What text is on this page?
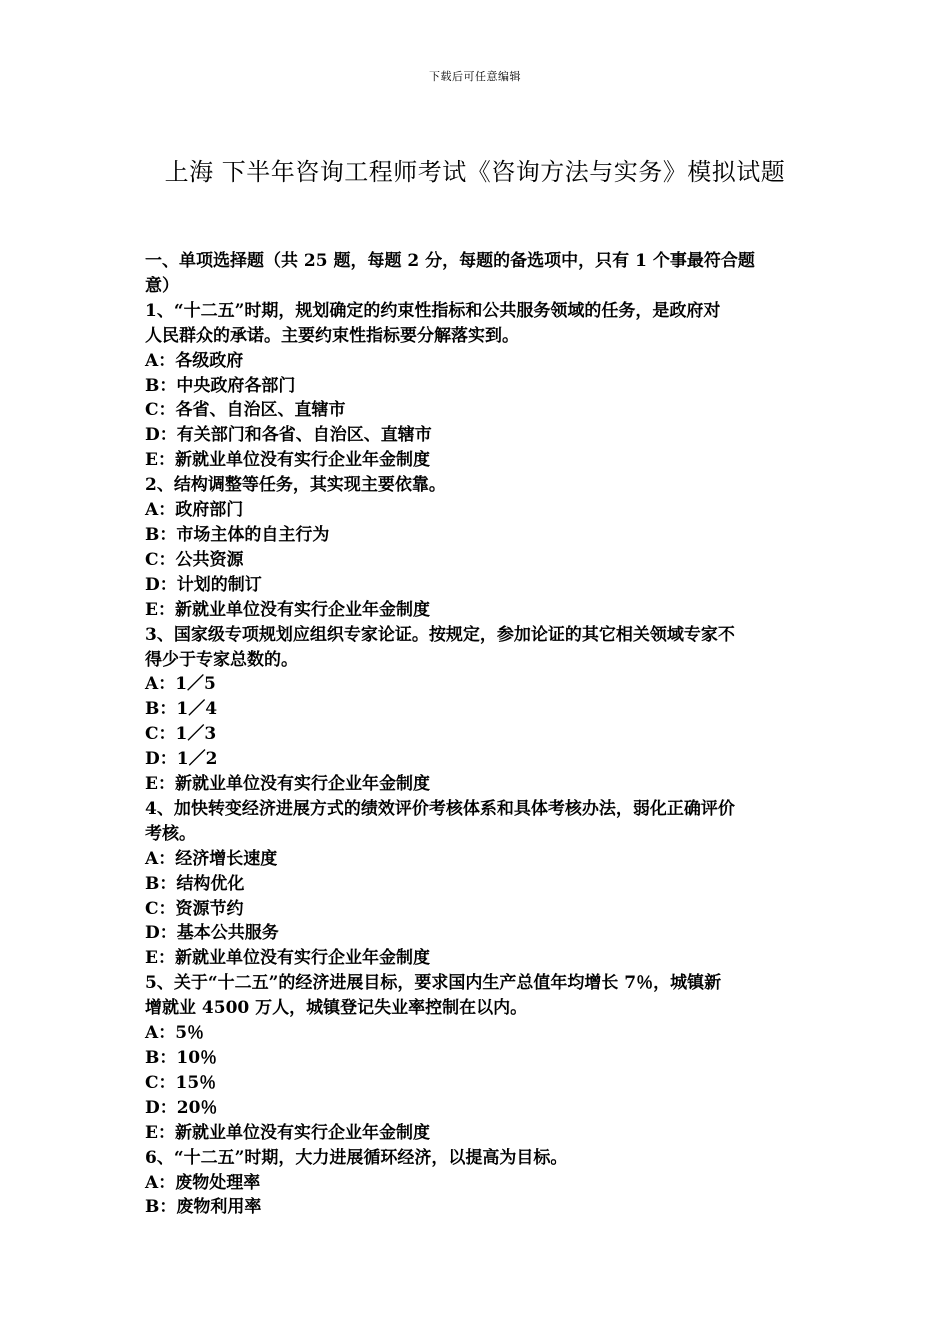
下载后可任意编辑
上海 下半年咨询工程师考试《咨询方法与实务》模拟试题
一、单项选择题（共 25 题，每题 2 分，每题的备选项中，只有 1 个事最符合题
意）
1、“十二五”时期，规划确定的约束性指标和公共服务领域的任务，是政府对
人民群众的承诺。主要约束性指标要分解落实到。
A：各级政府
B：中央政府各部门
C：各省、自治区、直辖市
D：有关部门和各省、自治区、直辖市
E：新就业单位没有实行企业年金制度
2、结构调整等任务，其实现主要依靠。
A：政府部门
B：市场主体的自主行为
C：公共资源
D：计划的制订
E：新就业单位没有实行企业年金制度
3、国家级专项规划应组织专家论证。按规定，参加论证的其它相关领域专家不
得少于专家总数的。
A：1／5
B：1／4
C：1／3
D：1／2
E：新就业单位没有实行企业年金制度
4、加快转变经济进展方式的绩效评价考核体系和具体考核办法，弱化正确评价
考核。
A：经济增长速度
B：结构优化
C：资源节约
D：基本公共服务
E：新就业单位没有实行企业年金制度
5、关于“十二五”的经济进展目标，要求国内生产总值年均增长 7％，城镇新
增就业 4500 万人，城镇登记失业率控制在以内。
A：5％
B：10％
C：15％
D：20％
E：新就业单位没有实行企业年金制度
6、“十二五”时期，大力进展循环经济，以提高为目标。
A：废物处理率
B：废物利用率
